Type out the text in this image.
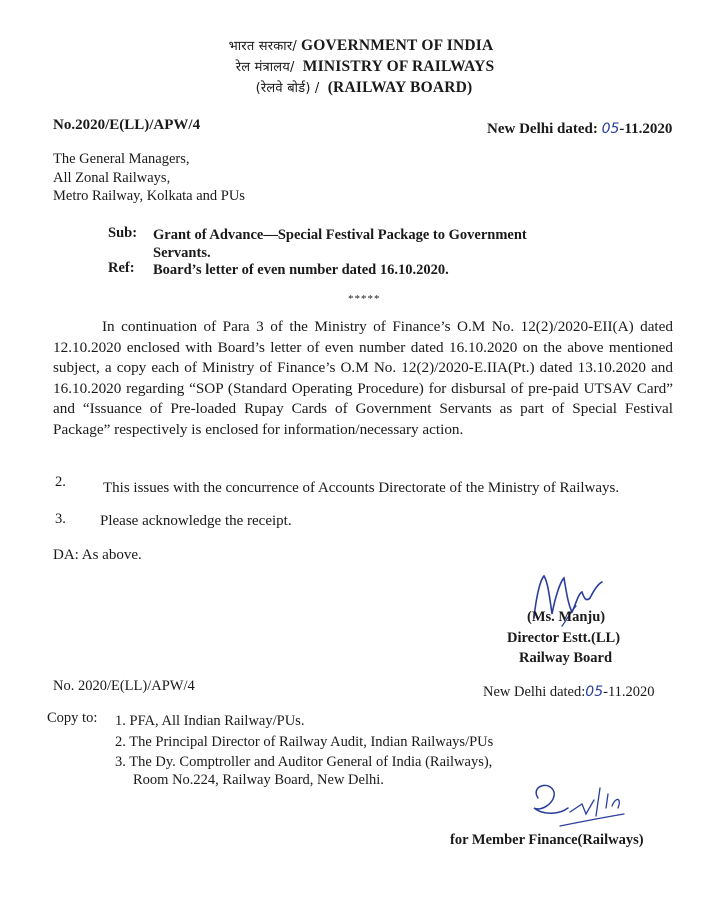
भारत सरकार/ GOVERNMENT OF INDIA
रेल मंत्रालय/ MINISTRY OF RAILWAYS
(रेलवे बोर्ड) / (RAILWAY BOARD)
No.2020/E(LL)/APW/4	New Delhi dated: 05-11.2020
The General Managers,
All Zonal Railways,
Metro Railway, Kolkata and PUs
Sub: Grant of Advance—Special Festival Package to Government
Servants.
Ref: Board’s letter of even number dated 16.10.2020.
*****
In continuation of Para 3 of the Ministry of Finance’s O.M No. 12(2)/2020-EII(A) dated 12.10.2020 enclosed with Board’s letter of even number dated 16.10.2020 on the above mentioned subject, a copy each of Ministry of Finance’s O.M No. 12(2)/2020-E.IIA(Pt.) dated 13.10.2020 and 16.10.2020 regarding “SOP (Standard Operating Procedure) for disbursal of pre-paid UTSAV Card” and “Issuance of Pre-loaded Rupay Cards of Government Servants as part of Special Festival Package” respectively is enclosed for information/necessary action.
2. This issues with the concurrence of Accounts Directorate of the Ministry of Railways.
3. Please acknowledge the receipt.
DA: As above.
(Ms. Manju)
Director Estt.(LL)
Railway Board
No. 2020/E(LL)/APW/4	New Delhi dated:05-11.2020
Copy to: 1. PFA, All Indian Railway/PUs.
2. The Principal Director of Railway Audit, Indian Railways/PUs
3. The Dy. Comptroller and Auditor General of India (Railways),
Room No.224, Railway Board, New Delhi.
for Member Finance(Railways)
